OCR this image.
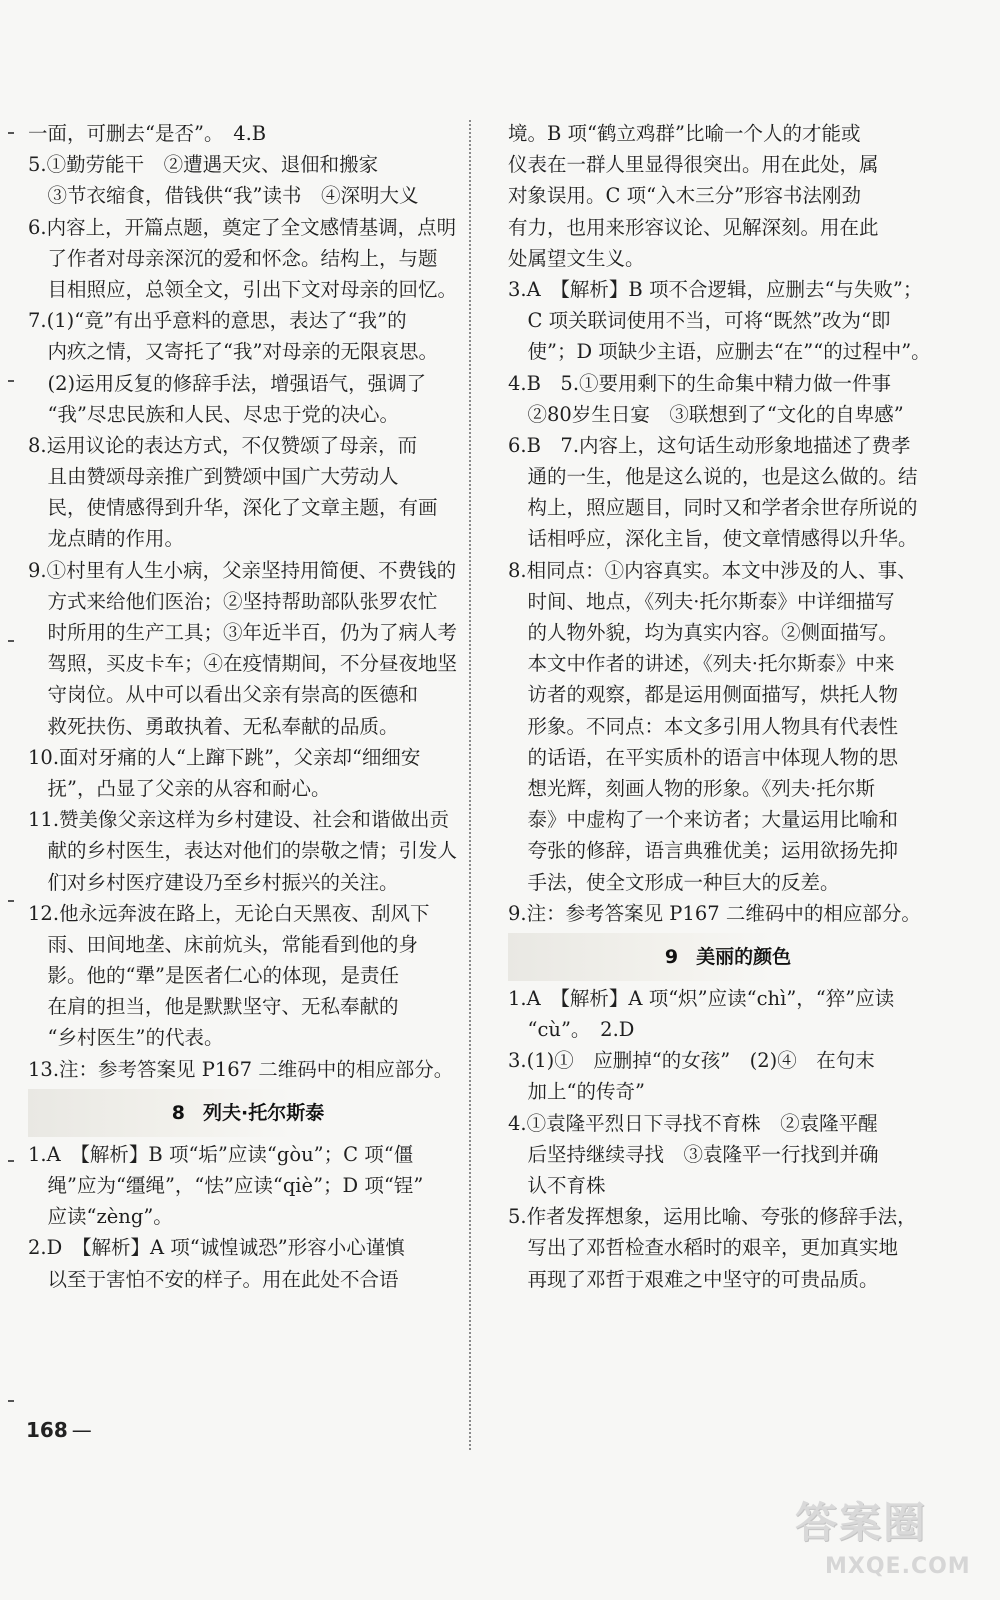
一面，可删去“是否”。　4.B
5.①勤劳能干　②遭遇天灾、退佃和搬家
　③节衣缩食，借钱供“我”读书　④深明大义
6.内容上，开篇点题，奠定了全文感情基调，点明
　了作者对母亲深沉的爱和怀念。结构上，与题
　目相照应，总领全文，引出下文对母亲的回忆。
7.(1)“竟”有出乎意料的意思，表达了“我”的
　内疚之情，又寄托了“我”对母亲的无限哀思。
　(2)运用反复的修辞手法，增强语气，强调了
　“我”尽忠民族和人民、尽忠于党的决心。
8.运用议论的表达方式，不仅赞颂了母亲，而
　且由赞颂母亲推广到赞颂中国广大劳动人
　民，使情感得到升华，深化了文章主题，有画
　龙点睛的作用。
9.①村里有人生小病，父亲坚持用简便、不费钱的
　方式来给他们医治；②坚持帮助部队张罗农忙
　时所用的生产工具；③年近半百，仍为了病人考
　驾照，买皮卡车；④在疫情期间，不分昼夜地坚
　守岗位。从中可以看出父亲有崇高的医德和
　救死扶伤、勇敢执着、无私奉献的品质。
10.面对牙痛的人“上蹿下跳”，父亲却“细细安
　抚”，凸显了父亲的从容和耐心。
11.赞美像父亲这样为乡村建设、社会和谐做出贡
　献的乡村医生，表达对他们的崇敬之情；引发人
　们对乡村医疗建设乃至乡村振兴的关注。
12.他永远奔波在路上，无论白天黑夜、刮风下
　雨、田间地垄、床前炕头，常能看到他的身
　影。他的“犟”是医者仁心的体现，是责任
　在肩的担当，他是默默坚守、无私奉献的
　“乡村医生”的代表。
13.注：参考答案见 P167 二维码中的相应部分。
8 列夫·托尔斯泰
1.A　【解析】B 项“垢”应读“gòu”；C 项“僵
　绳”应为“缰绳”，“怯”应读“qiè”；D 项“锃”
　应读“zèng”。
2.D　【解析】A 项“诚惶诚恐”形容小心谨慎
　以至于害怕不安的样子。用在此处不合语
境。B 项“鹤立鸡群”比喻一个人的才能或
仪表在一群人里显得很突出。用在此处，属
对象误用。C 项“入木三分”形容书法刚劲
有力，也用来形容议论、见解深刻。用在此
处属望文生义。
3.A　【解析】B 项不合逻辑，应删去“与失败”；
　C 项关联词使用不当，可将“既然”改为“即
　使”；D 项缺少主语，应删去“在”“的过程中”。
4.B　5.①要用剩下的生命集中精力做一件事
　②80岁生日宴　③联想到了“文化的自卑感”
6.B　7.内容上，这句话生动形象地描述了费孝
　通的一生，他是这么说的，也是这么做的。结
　构上，照应题目，同时又和学者余世存所说的
　话相呼应，深化主旨，使文章情感得以升华。
8.相同点：①内容真实。本文中涉及的人、事、
　时间、地点，《列夫·托尔斯泰》中详细描写
　的人物外貌，均为真实内容。②侧面描写。
　本文中作者的讲述，《列夫·托尔斯泰》中来
　访者的观察，都是运用侧面描写，烘托人物
　形象。不同点：本文多引用人物具有代表性
　的话语，在平实质朴的语言中体现人物的思
　想光辉，刻画人物的形象。《列夫·托尔斯
　泰》中虚构了一个来访者；大量运用比喻和
　夸张的修辞，语言典雅优美；运用欲扬先抑
　手法，使全文形成一种巨大的反差。
9.注：参考答案见 P167 二维码中的相应部分。
9 美丽的颜色
1.A　【解析】A 项“炽”应读“chì”，“猝”应读
　“cù”。　2.D
3.(1)①　应删掉“的女孩”　(2)④　在句末
　加上“的传奇”
4.①袁隆平烈日下寻找不育株　②袁隆平醒
　后坚持继续寻找　③袁隆平一行找到并确
　认不育株
5.作者发挥想象，运用比喻、夸张的修辞手法，
　写出了邓哲检查水稻时的艰辛，更加真实地
　再现了邓哲于艰难之中坚守的可贵品质。
168 —
答案圈
MXQE.COM
